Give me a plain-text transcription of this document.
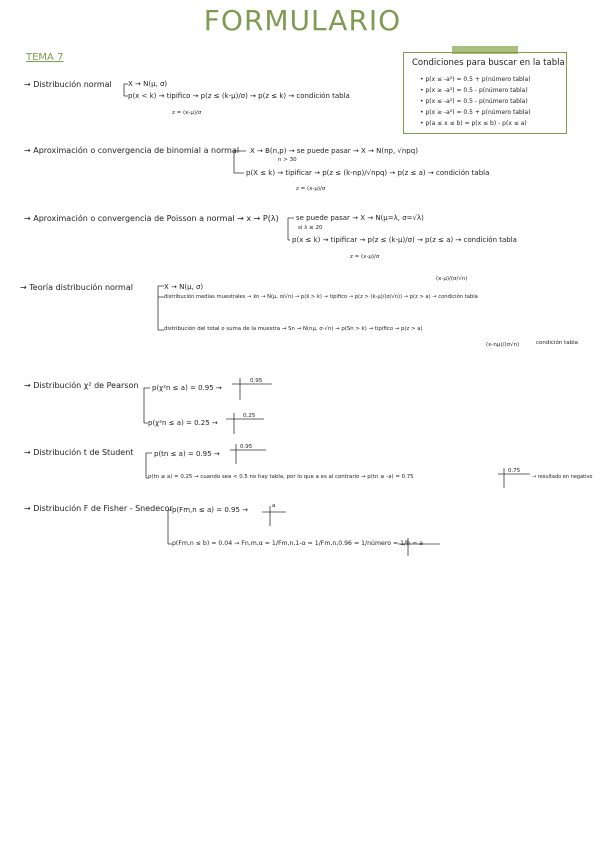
FORMULARIO
TEMA 7	Condiciones para buscar en la tabla
• p(x ≤ -a²) = 0.5 + p(número tabla)
• p(x ≥ -a²) = 0.5 - p(número tabla)
• p(x ≤ -a²) = 0.5 - p(número tabla)
• p(x ≥ -a²) = 0.5 + p(número tabla)
• p(a ≤ x ≤ b) = p(x ≤ b) - p(x ≤ a)
→ Distribución normal X → N(μ, σ)
p(x < k) → tipifico → p(z ≤ (k-μ)/σ) → p(z ≤ k) → condición tabla
z = (x-μ)/σ
→ Aproximación o convergencia de binomial a normal X → B(n,p) → se puede pasar → X → N(np, √npq)
n > 30
p(X ≤ k) → tipificar → p(z ≤ (k-np)/√npq) → p(z ≤ a) → condición tabla
z = (x-μ)/σ
→ Aproximación o convergencia de Poisson a normal → x → P(λ) se puede pasar → X → N(μ=λ, σ=√λ)
si λ ≥ 20
p(x ≤ k) → tipificar → p(z ≤ (k-μ)/σ) → p(z ≤ a) → condición tabla
z = (x-μ)/σ
(x-μ)/(σ/√n)
→ Teoría distribución normal	X → N(μ, σ)
distribución medias muestrales → x̄n → N(μ, σ/√n) → p(x̄ > k) → tipifico → p(z > (k-μ)/(σ/√n)) → p(z > a) → condición tabla
distribución del total o suma de la muestra → Sn → N(nμ, σ·√n) → p(Sn > k) → tipifico → p(z > a)
(x-nμ)/(σ√n)	condición tabla
→ Distribución χ² de Pearson p(χ²n ≤ a) = 0.95 →
p(χ²n ≤ a) = 0.25 →
0.95
0.25
→ Distribución t de Student	p(tn ≤ a) = 0.95 →
p(tn ≤ a) = 0.25 → cuando sea < 0.5 no hay tabla, por lo que a es al contrario → p(tn ≤ -a) = 0.75	→ resultado en negativo
0.95
0.75
→ Distribución F de Fisher - Snedecor p(Fm,n ≤ a) = 0.95 →
p(Fm,n ≤ b) = 0.04 → Fn,m,α = 1/Fm,n,1-α = 1/Fm,n,0.96 = 1/número = 1/h = a
a
